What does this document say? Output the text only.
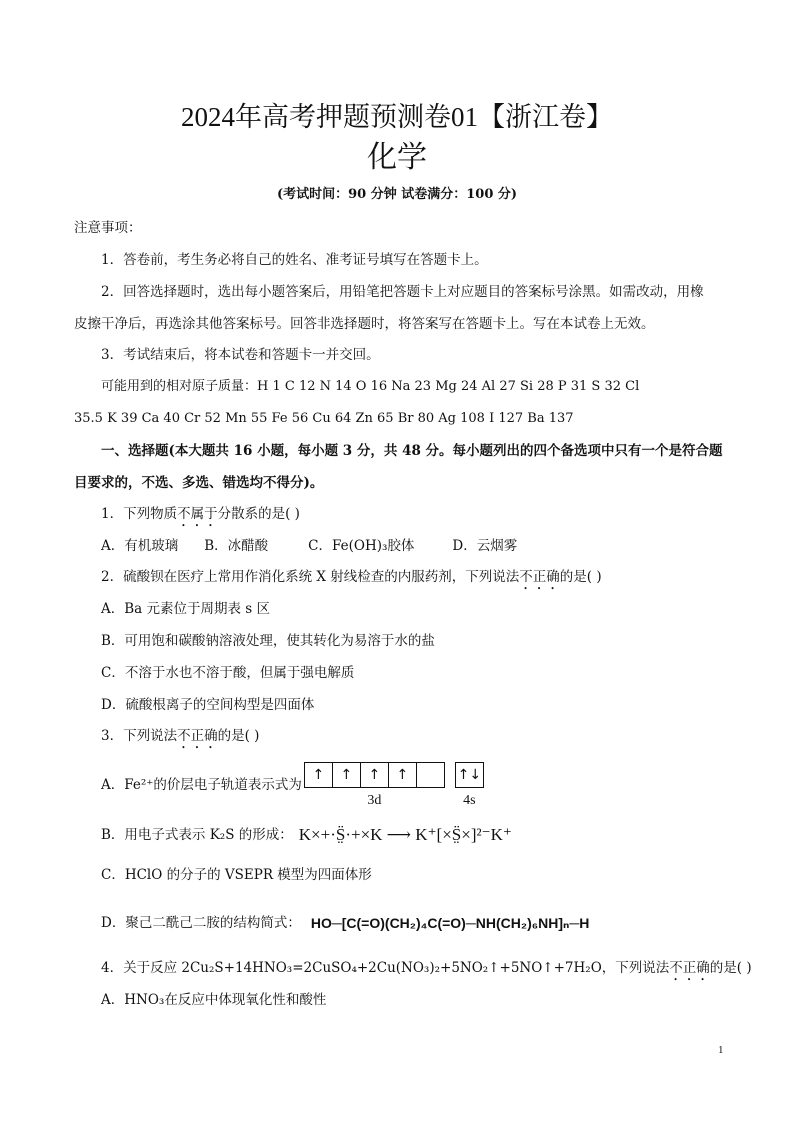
2024年高考押题预测卷01【浙江卷】
化学
(考试时间：90 分钟 试卷满分：100 分)
注意事项：
1．答卷前，考生务必将自己的姓名、准考证号填写在答题卡上。
2．回答选择题时，选出每小题答案后，用铅笔把答题卡上对应题目的答案标号涂黑。如需改动，用橡
皮擦干净后，再选涂其他答案标号。回答非选择题时，将答案写在答题卡上。写在本试卷上无效。
3．考试结束后，将本试卷和答题卡一并交回。
可能用到的相对原子质量：H 1 C 12 N 14 O 16 Na 23 Mg 24 Al 27 Si 28 P 31 S 32 Cl
35.5 K 39 Ca 40 Cr 52 Mn 55 Fe 56 Cu 64 Zn 65 Br 80 Ag 108 I 127 Ba 137
一、选择题(本大题共 16 小题，每小题 3 分，共 48 分。每小题列出的四个备选项中只有一个是符合题
目要求的，不选、多选、错选均不得分)。
1．下列物质不属于分散系的是( )
A．有机玻璃 B．冰醋酸	C．Fe(OH)₃胶体	D．云烟雾
2．硫酸钡在医疗上常用作消化系统 X 射线检查的内服药剂，下列说法不正确的是( )
A．Ba 元素位于周期表 s 区
B．可用饱和碳酸钠溶液处理，使其转化为易溶于水的盐
C．不溶于水也不溶于酸，但属于强电解质
D．硫酸根离子的空间构型是四面体
3．下列说法不正确的是( )
A．Fe²⁺的价层电子轨道表示式为
↑	↑	↑	↑
3d
↑↓
4s
B．用电子式表示 K₂S 的形成： K×+·S̤̈·+×K ⟶ K⁺[×S̤̈×]²⁻K⁺
C．HClO 的分子的 VSEPR 模型为四面体形
D．聚己二酰己二胺的结构简式： HO─[C(=O)(CH₂)₄C(=O)─NH(CH₂)₆NH]ₙ─H
4．关于反应 2Cu₂S+14HNO₃=2CuSO₄+2Cu(NO₃)₂+5NO₂↑+5NO↑+7H₂O，下列说法不正确的是( )
A．HNO₃在反应中体现氧化性和酸性
1
